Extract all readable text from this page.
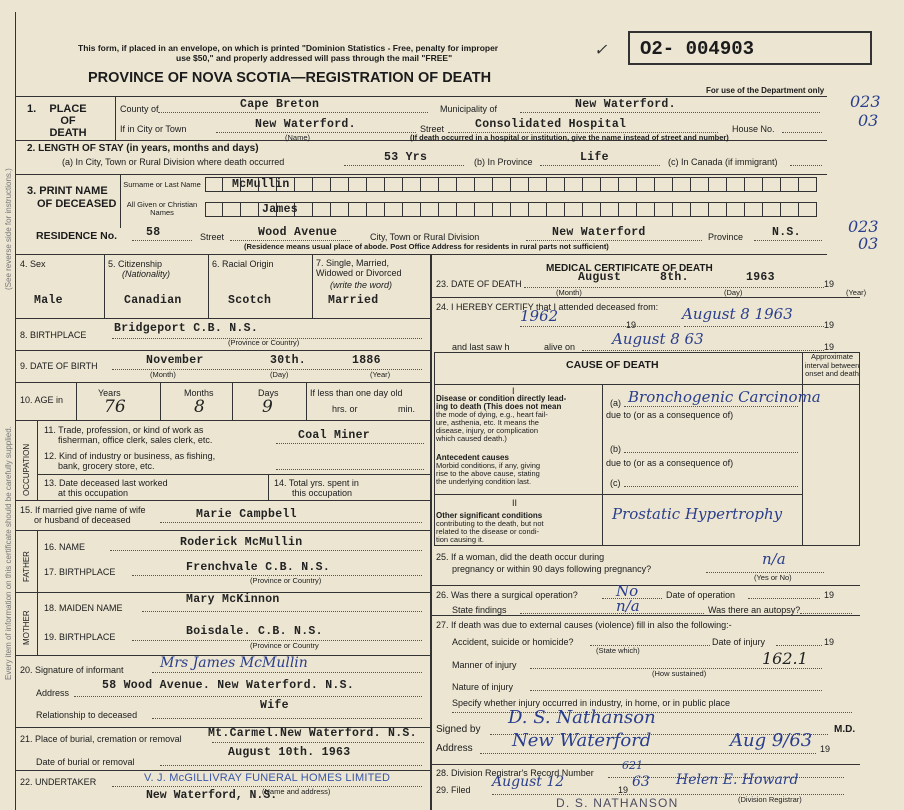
(See reverse side for instructions.)
Every item of information on this certificate should be carefully supplied.
This form, if placed in an envelope, on which is printed "Dominion Statistics - Free, penalty for improper
use $50," and properly addressed will pass through the mail "FREE"
PROVINCE OF NOVA SCOTIA—REGISTRATION OF DEATH
✓ O2- 004903
For use of the Department only
023
03
023
03
1.	PLACE
OF
DEATH
County of	Cape Breton	Municipality of	New Waterford.
If in City or Town	New Waterford.
(Name)
Street	Consolidated Hospital	House No.
(If death occurred in a hospital or institution, give the name instead of street and number)
2. LENGTH OF STAY (in years, months and days)
(a) In City, Town or Rural Division where death occurred	53 Yrs	(b) In Province	Life	(c) In Canada (if immigrant)
3. PRINT NAME
OF DECEASED
Surname or Last Name
All Given or Christian Names
McMullin
James
RESIDENCE No.	58	Street	Wood Avenue	City, Town or Rural Division	New Waterford	Province	N.S.
(Residence means usual place of abode. Post Office Address for residents in rural parts not sufficient)
4. Sex
Male
5. Citizenship
(Nationality)
Canadian
6. Racial Origin
Scotch
7. Single, Married, Widowed or Divorced
(write the word)
Married
8. BIRTHPLACE Bridgeport C.B. N.S.
(Province or Country)
9. DATE OF BIRTH	November	30th.	1886
(Month)	(Day)	(Year)
10. AGE in
Years
76
Months
8
Days
9
If less than one day old
hrs. or	min.
OCCUPATION
11. Trade, profession, or kind of work as
fisherman, office clerk, sales clerk, etc.	Coal Miner
12. Kind of industry or business, as fishing,
bank, grocery store, etc.
13. Date deceased last worked
at this occupation
14. Total yrs. spent in
this occupation
15. If married give name of wife
or husband of deceased	Marie Campbell
FATHER
16. NAME	Roderick McMullin
17. BIRTHPLACE	Frenchvale C.B. N.S.
(Province or Country)
MOTHER
18. MAIDEN NAME
Mary McKinnon
19. BIRTHPLACE	Boisdale. C.B. N.S.
(Province or Country
20. Signature of informant	Mrs James McMullin
Address
58 Wood Avenue. New Waterford. N.S.
Relationship to deceased
Wife
21. Place of burial, cremation or removal Mt.Carmel.New Waterford. N.S.
Date of burial or removal
August 10th. 1963
22. UNDERTAKER	V. J. McGILLIVRAY FUNERAL HOMES LIMITED
New Waterford, N.S.
(Name and address)
MEDICAL CERTIFICATE OF DEATH
23. DATE OF DEATH	August	8th.	1963	19
(Month)	(Day)	(Year)
24. I HEREBY CERTIFY that I attended deceased from:
1962	19
August 8 1963
19
and last saw h	alive on August 8 63	19
CAUSE OF DEATH
Approximate interval between onset and death
I
Disease or condition directly lead-
ing to death (This does not mean
the mode of dying, e.g., heart fail-
ure, asthenia, etc. It means the
disease, injury, or complication
which caused death.)
(a) Bronchogenic Carcinoma
due to (or as a consequence of)
Antecedent causes
Morbid conditions, if any, giving
rise to the above cause, stating
the underlying condition last.
(b)
due to (or as a consequence of)
(c)
II
Other significant conditions
contributing to the death, but not
related to the disease or condi-
tion causing it.
Prostatic Hypertrophy
25. If a woman, did the death occur during
pregnancy or within 90 days following pregnancy?
n/a
(Yes or No)
26. Was there a surgical operation?	No	Date of operation	19
State findings	n/a	Was there an autopsy?
27. If death was due to external causes (violence) fill in also the following:-
Accident, suicide or homicide?
(State which)
Date of injury	19
162.1
Manner of injury
(How sustained)
Nature of injury
Specify whether injury occurred in industry, in home, or in public place
Signed by
D. S. Nathanson
M.D.
Address New Waterford	Aug 9/63 19
28. Division Registrar's Record Number
621
29. Filed August 12	19 63 Helen E. Howard
(Division Registrar)
D. S. NATHANSON
